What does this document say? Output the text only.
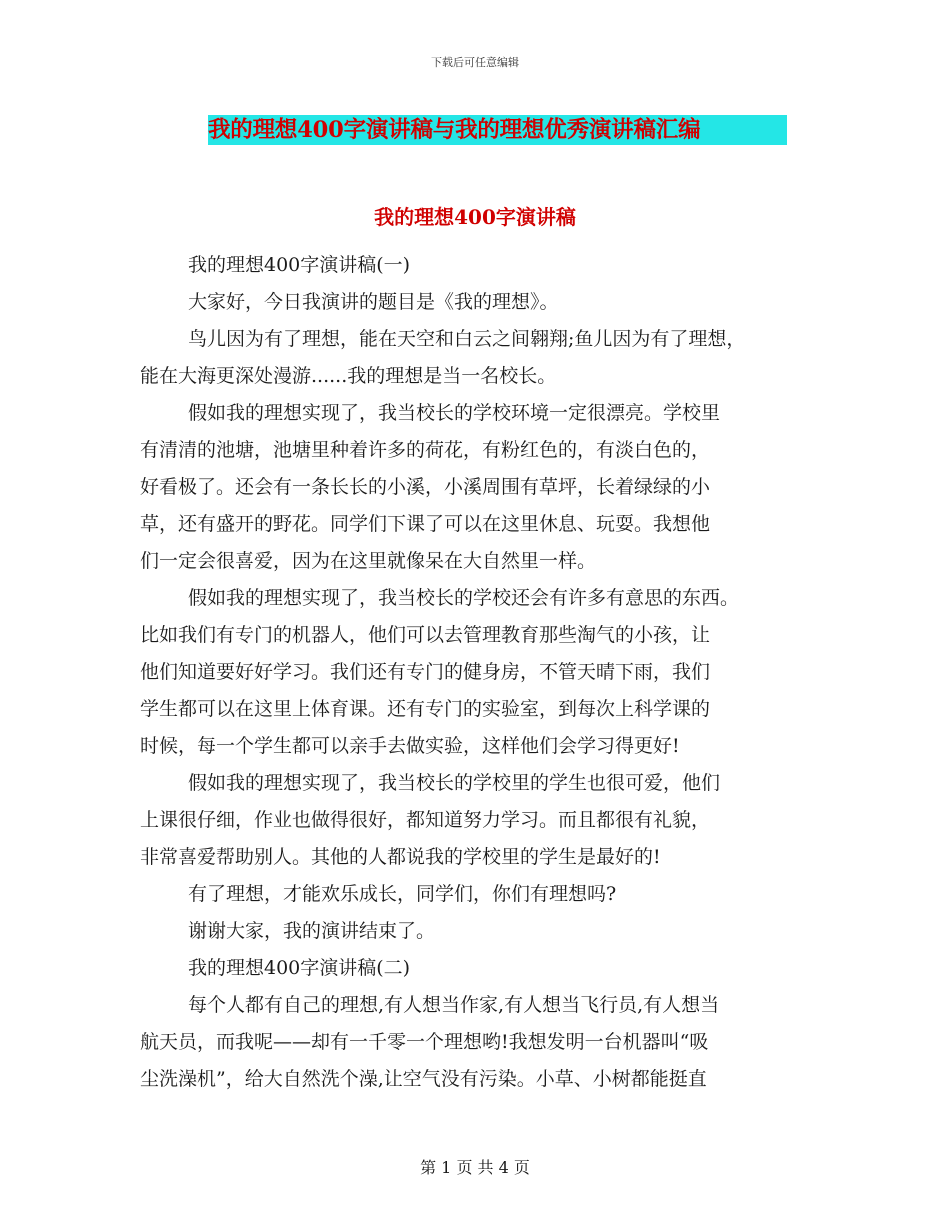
下载后可任意编辑
我的理想400字演讲稿与我的理想优秀演讲稿汇编
我的理想400字演讲稿
我的理想400字演讲稿(一)
大家好，今日我演讲的题目是《我的理想》。
鸟儿因为有了理想，能在天空和白云之间翱翔;鱼儿因为有了理想，
能在大海更深处漫游......我的理想是当一名校长。
假如我的理想实现了，我当校长的学校环境一定很漂亮。学校里
有清清的池塘，池塘里种着许多的荷花，有粉红色的，有淡白色的，
好看极了。还会有一条长长的小溪，小溪周围有草坪，长着绿绿的小
草，还有盛开的野花。同学们下课了可以在这里休息、玩耍。我想他
们一定会很喜爱，因为在这里就像呆在大自然里一样。
假如我的理想实现了，我当校长的学校还会有许多有意思的东西。
比如我们有专门的机器人，他们可以去管理教育那些淘气的小孩，让
他们知道要好好学习。我们还有专门的健身房，不管天晴下雨，我们
学生都可以在这里上体育课。还有专门的实验室，到每次上科学课的
时候，每一个学生都可以亲手去做实验，这样他们会学习得更好!
假如我的理想实现了，我当校长的学校里的学生也很可爱，他们
上课很仔细，作业也做得很好，都知道努力学习。而且都很有礼貌，
非常喜爱帮助别人。其他的人都说我的学校里的学生是最好的!
有了理想，才能欢乐成长，同学们，你们有理想吗?
谢谢大家，我的演讲结束了。
我的理想400字演讲稿(二)
每个人都有自己的理想,有人想当作家,有人想当飞行员,有人想当
航天员，而我呢——却有一千零一个理想哟!我想发明一台机器叫“吸
尘洗澡机”，给大自然洗个澡,让空气没有污染。小草、小树都能挺直
第 1 页 共 4 页
